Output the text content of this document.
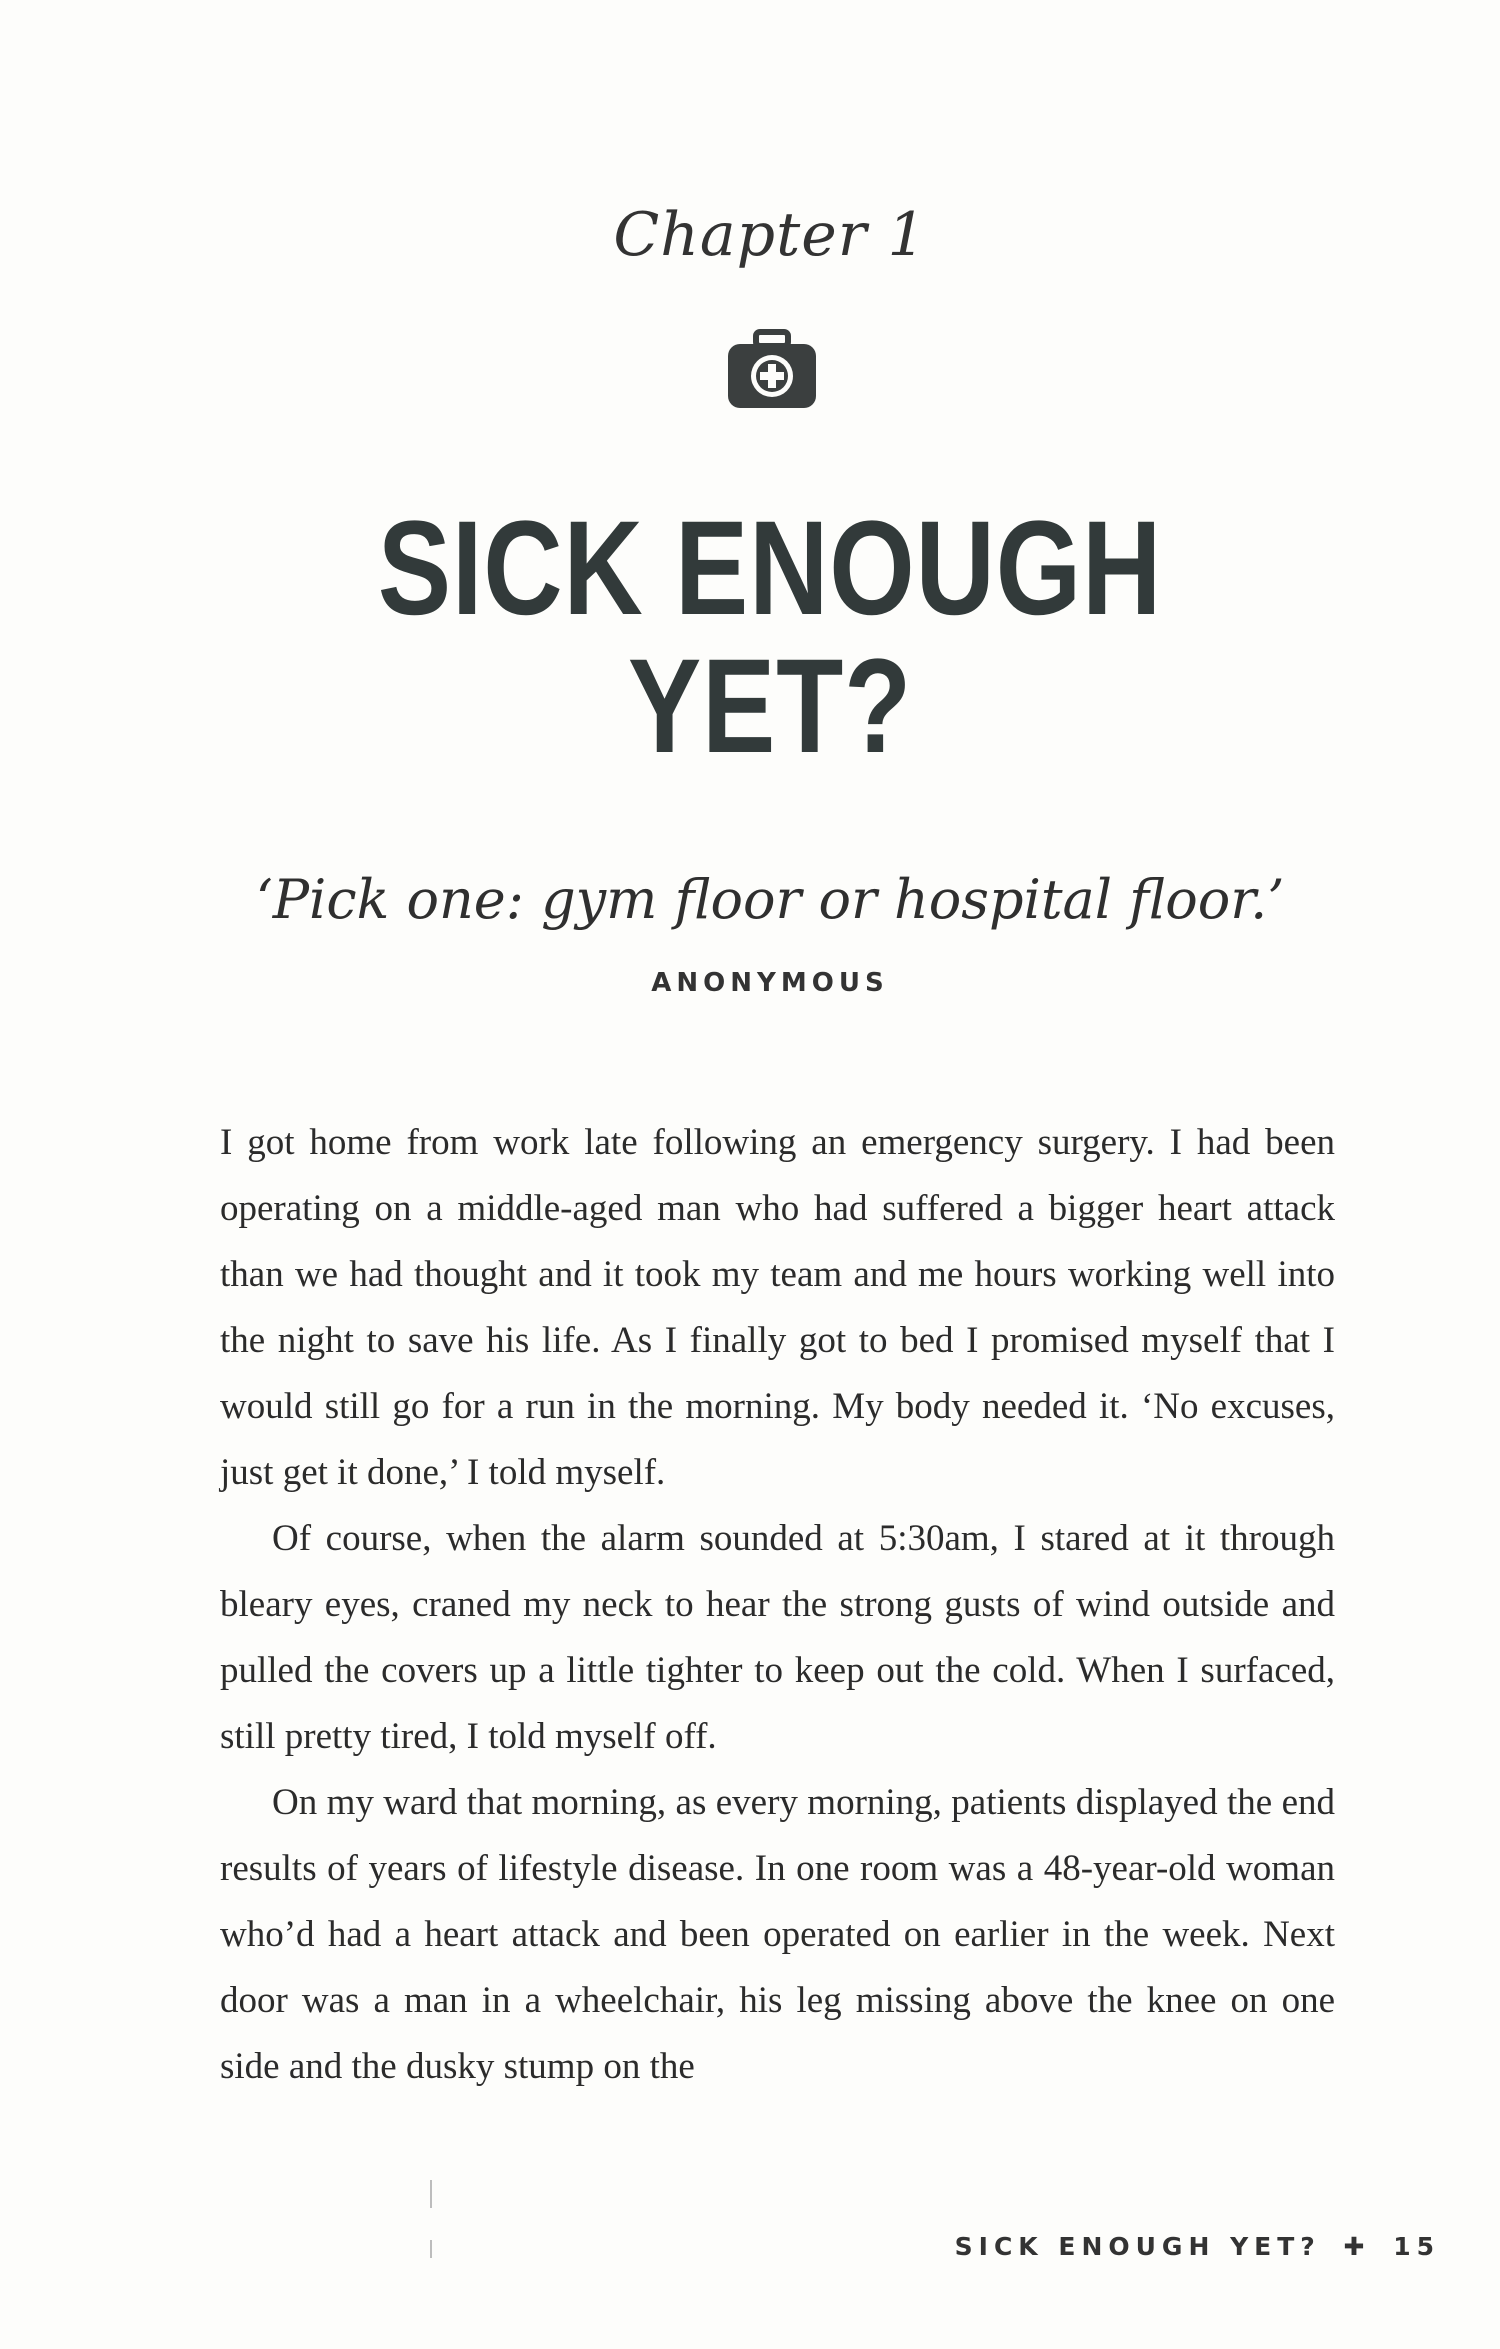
Chapter 1
SICK ENOUGH
YET?
‘Pick one: gym floor or hospital floor.’
ANONYMOUS

I got home from work late following an emergency surgery. I had been operating on a middle-aged man who had suffered a bigger heart attack than we had thought and it took my team and me hours working well into the night to save his life. As I finally got to bed I promised myself that I would still go for a run in the morning. My body needed it. ‘No excuses, just get it done,’ I told myself.

Of course, when the alarm sounded at 5:30am, I stared at it through bleary eyes, craned my neck to hear the strong gusts of wind outside and pulled the covers up a little tighter to keep out the cold. When I surfaced, still pretty tired, I told myself off.

On my ward that morning, as every morning, patients displayed the end results of years of lifestyle disease. In one room was a 48-year-old woman who’d had a heart attack and been operated on earlier in the week. Next door was a man in a wheelchair, his leg missing above the knee on one side and the dusky stump on the

SICK ENOUGH YET? ✚ 15
